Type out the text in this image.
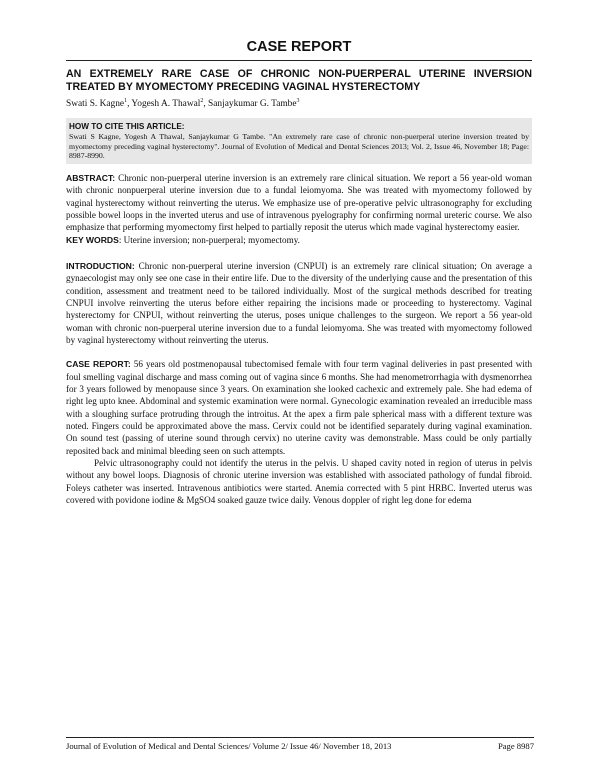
CASE REPORT
AN EXTREMELY RARE CASE OF CHRONIC NON-PUERPERAL UTERINE INVERSION TREATED BY MYOMECTOMY PRECEDING VAGINAL HYSTERECTOMY
Swati S. Kagne$^1$, Yogesh A. Thawal$^2$, Sanjaykumar G. Tambe$^3$
HOW TO CITE THIS ARTICLE:
Swati S Kagne, Yogesh A Thawal, Sanjaykumar G Tambe. "An extremely rare case of chronic non-puerperal uterine inversion treated by myomectomy preceding vaginal hysterectomy". Journal of Evolution of Medical and Dental Sciences 2013; Vol. 2, Issue 46, November 18; Page: 8987-8990.

ABSTRACT: Chronic non-puerperal uterine inversion is an extremely rare clinical situation. We report a 56 year-old woman with chronic nonpuerperal uterine inversion due to a fundal leiomyoma. She was treated with myomectomy followed by vaginal hysterectomy without reinverting the uterus. We emphasize use of pre-operative pelvic ultrasonography for excluding possible bowel loops in the inverted uterus and use of intravenous pyelography for confirming normal ureteric course. We also emphasize that performing myomectomy first helped to partially reposit the uterus which made vaginal hysterectomy easier.

KEY WORDS: Uterine inversion; non-puerperal; myomectomy.

INTRODUCTION: Chronic non-puerperal uterine inversion (CNPUI) is an extremely rare clinical situation; On average a gynaecologist may only see one case in their entire life. Due to the diversity of the underlying cause and the presentation of this condition, assessment and treatment need to be tailored individually. Most of the surgical methods described for treating CNPUI involve reinverting the uterus before either repairing the incisions made or proceeding to hysterectomy. Vaginal hysterectomy for CNPUI, without reinverting the uterus, poses unique challenges to the surgeon. We report a 56 year-old woman with chronic non-puerperal uterine inversion due to a fundal leiomyoma. She was treated with myomectomy followed by vaginal hysterectomy without reinverting the uterus.

CASE REPORT: 56 years old postmenopausal tubectomised female with four term vaginal deliveries in past presented with foul smelling vaginal discharge and mass coming out of vagina since 6 months. She had menometrorrhagia with dysmenorrhea for 3 years followed by menopause since 3 years. On examination she looked cachexic and extremely pale. She had edema of right leg upto knee. Abdominal and systemic examination were normal. Gynecologic examination revealed an irreducible mass with a sloughing surface protruding through the introitus. At the apex a firm pale spherical mass with a different texture was noted. Fingers could be approximated above the mass. Cervix could not be identified separately during vaginal examination. On sound test (passing of uterine sound through cervix) no uterine cavity was demonstrable. Mass could be only partially reposited back and minimal bleeding seen on such attempts.

Pelvic ultrasonography could not identify the uterus in the pelvis. U shaped cavity noted in region of uterus in pelvis without any bowel loops. Diagnosis of chronic uterine inversion was established with associated pathology of fundal fibroid. Foleys catheter was inserted. Intravenous antibiotics were started. Anemia corrected with 5 pint HRBC. Inverted uterus was covered with povidone iodine & MgSO4 soaked gauze twice daily. Venous doppler of right leg done for edema

Journal of Evolution of Medical and Dental Sciences/ Volume 2/ Issue 46/ November 18, 2013	Page 8987
